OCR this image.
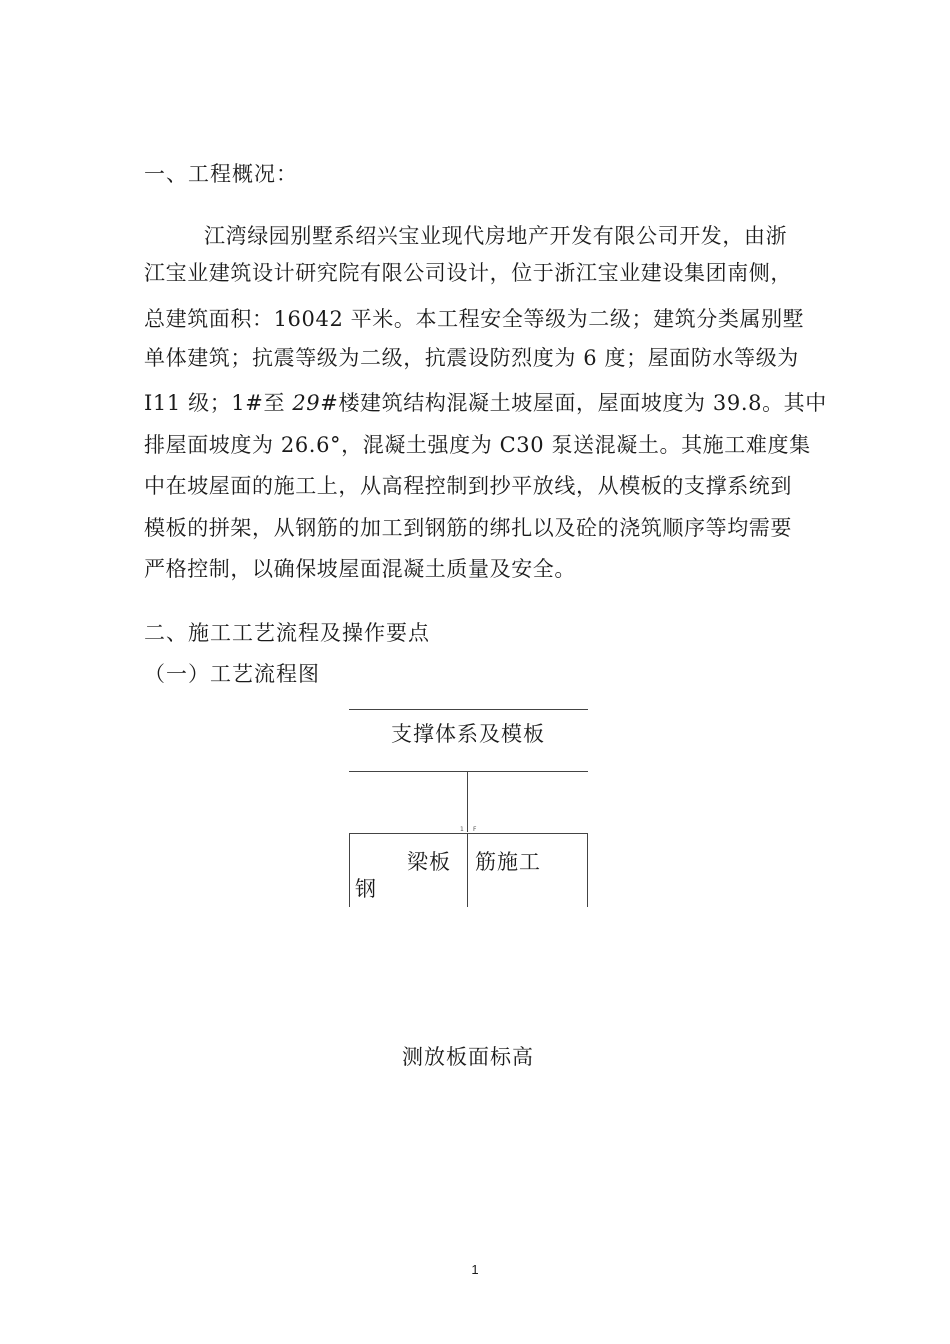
一、工程概况：
江湾绿园别墅系绍兴宝业现代房地产开发有限公司开发，由浙
江宝业建筑设计研究院有限公司设计，位于浙江宝业建设集团南侧，
总建筑面积：16042 平米。本工程安全等级为二级；建筑分类属别墅
单体建筑；抗震等级为二级，抗震设防烈度为 6 度；屋面防水等级为
I11 级；1#至 29#楼建筑结构混凝土坡屋面，屋面坡度为 39.8。其中
排屋面坡度为 26.6°，混凝土强度为 C30 泵送混凝土。其施工难度集
中在坡屋面的施工上，从高程控制到抄平放线，从模板的支撑系统到
模板的拼架，从钢筋的加工到钢筋的绑扎以及砼的浇筑顺序等均需要
严格控制，以确保坡屋面混凝土质量及安全。
二、施工工艺流程及操作要点
（一）工艺流程图
支撑体系及模板
1 F
梁板
钢
筋施工
测放板面标高
1
